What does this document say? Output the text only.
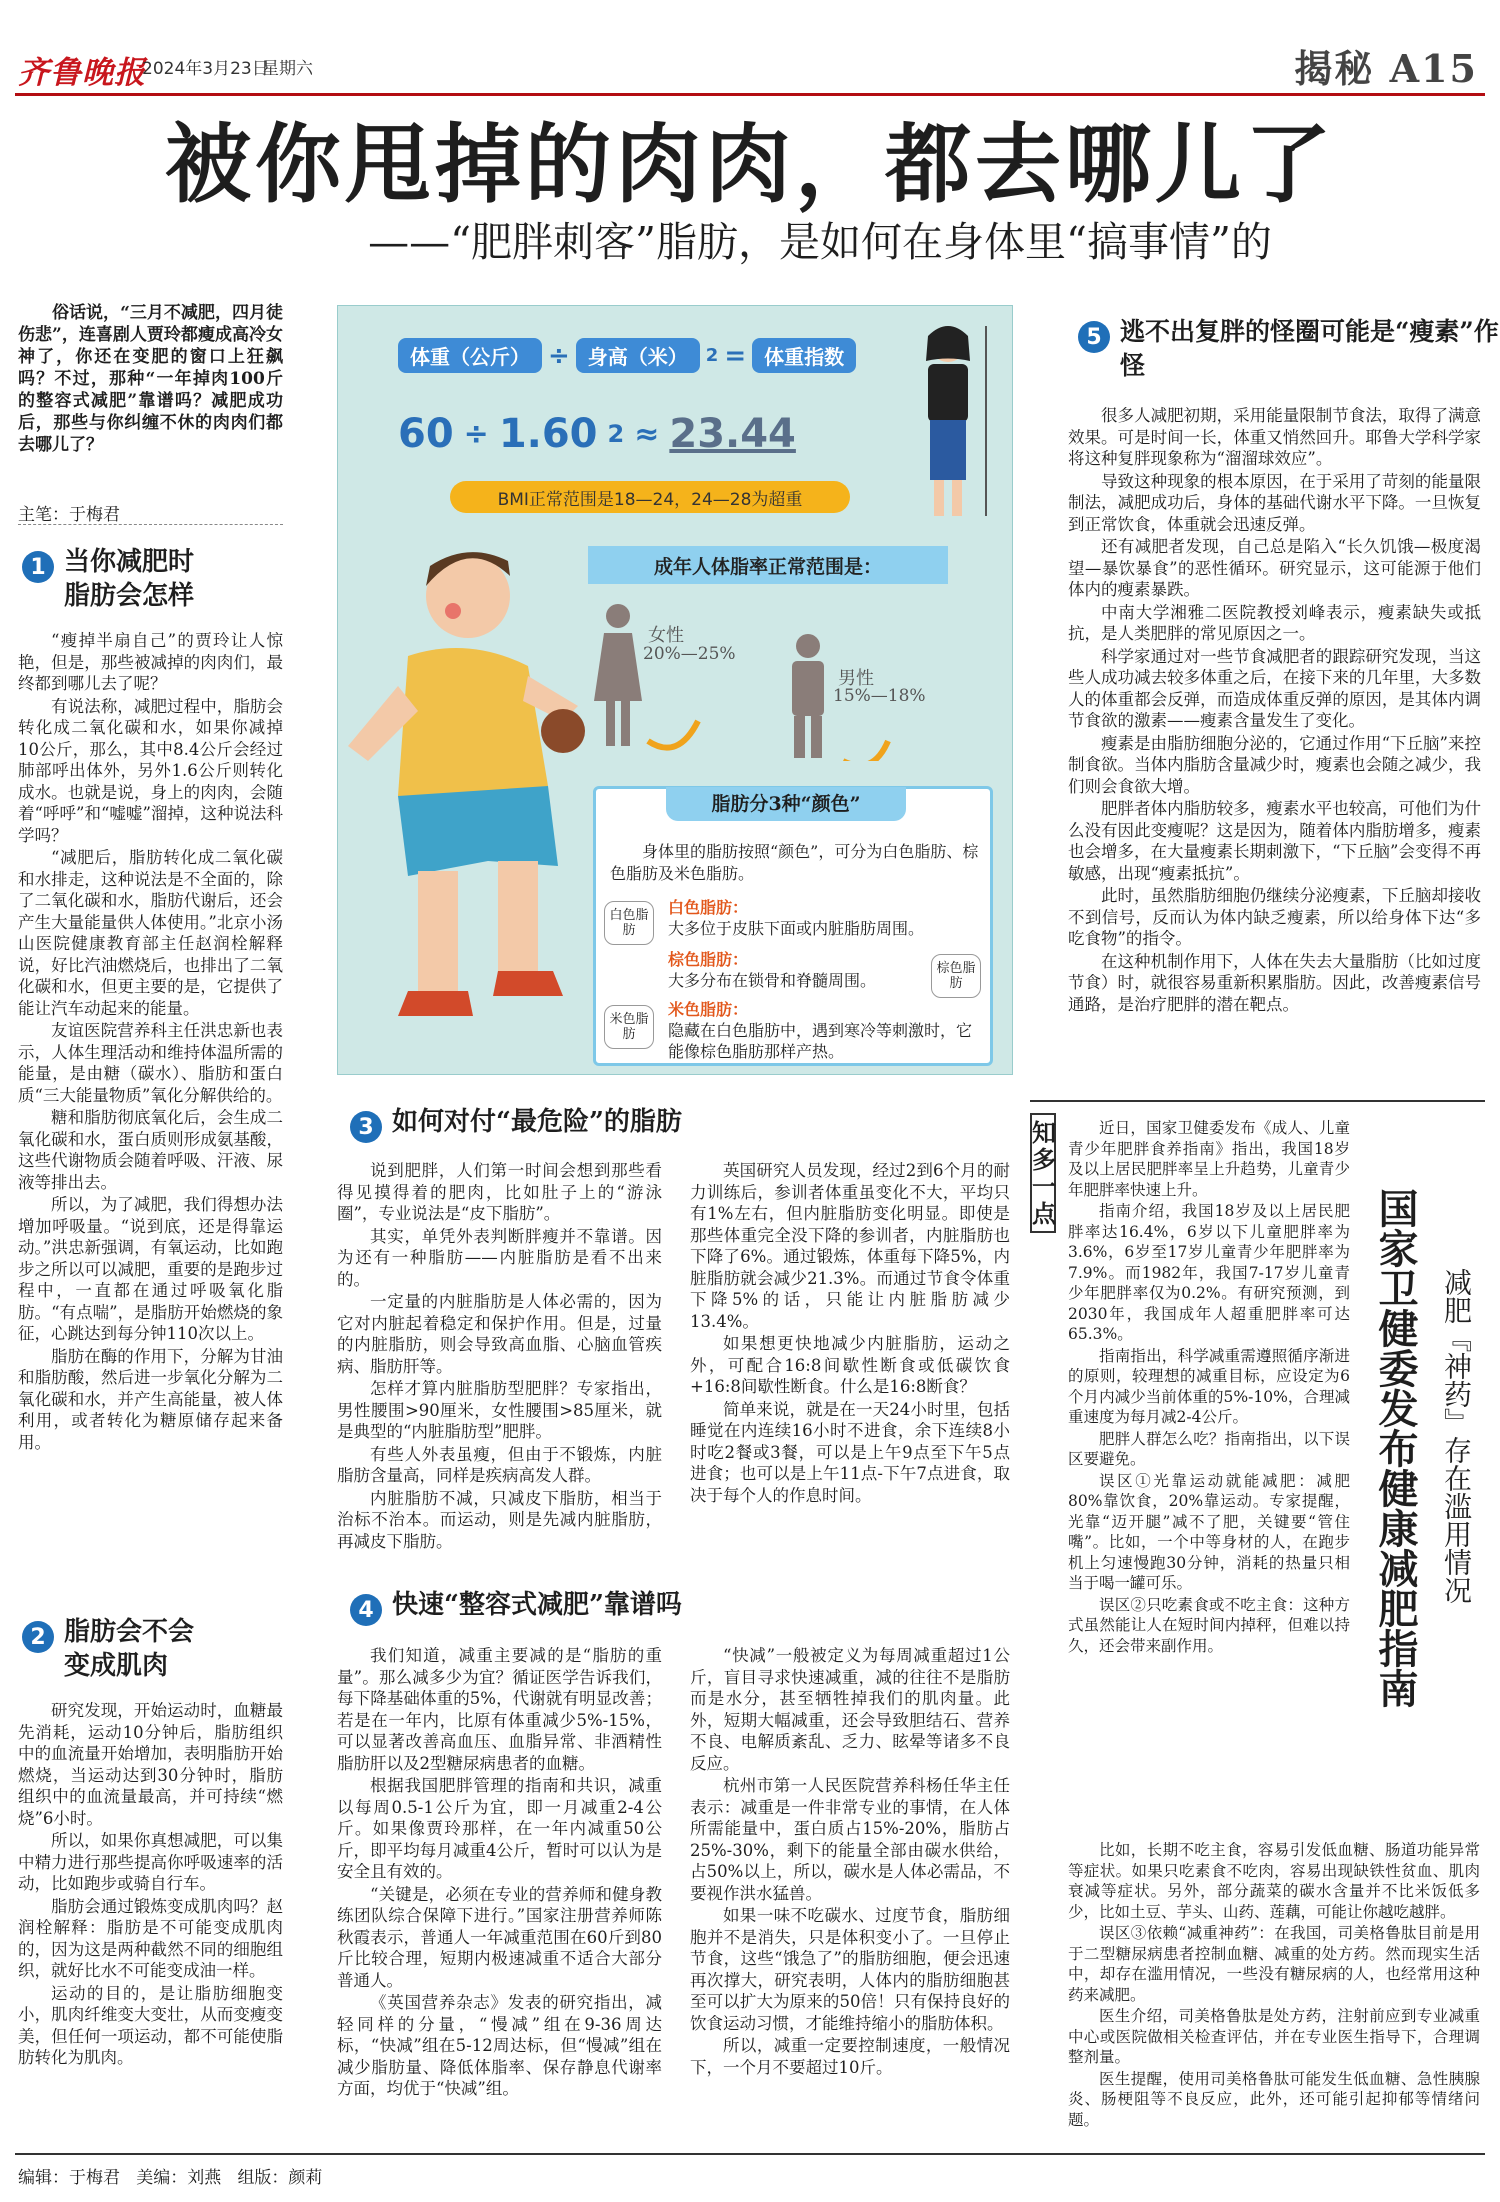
齐鲁晚报
2024年3月23日
星期六	揭秘 A15
被你甩掉的肉肉，都去哪儿了
——“肥胖刺客”脂肪，是如何在身体里“搞事情”的

俗话说，“三月不减肥，四月徒伤悲”，连喜剧人贾玲都瘦成高冷女神了，你还在变肥的窗口上狂飙吗？不过，那种“一年掉肉100斤的整容式减肥”靠谱吗？减肥成功后，那些与你纠缠不休的肉肉们都去哪儿了？

主笔：于梅君
1 当你减肥时
脂肪会怎样

“瘦掉半扇自己”的贾玲让人惊艳，但是，那些被减掉的肉肉们，最终都到哪儿去了呢？

有说法称，减肥过程中，脂肪会转化成二氧化碳和水，如果你减掉10公斤，那么，其中8.4公斤会经过肺部呼出体外，另外1.6公斤则转化成水。也就是说，身上的肉肉，会随着“呼呼”和“嘘嘘”溜掉，这种说法科学吗？

“减肥后，脂肪转化成二氧化碳和水排走，这种说法是不全面的，除了二氧化碳和水，脂肪代谢后，还会产生大量能量供人体使用。”北京小汤山医院健康教育部主任赵润栓解释说，好比汽油燃烧后，也排出了二氧化碳和水，但更主要的是，它提供了能让汽车动起来的能量。

友谊医院营养科主任洪忠新也表示，人体生理活动和维持体温所需的能量，是由糖（碳水）、脂肪和蛋白质“三大能量物质”氧化分解供给的。

糖和脂肪彻底氧化后，会生成二氧化碳和水，蛋白质则形成氨基酸，这些代谢物质会随着呼吸、汗液、尿液等排出去。

所以，为了减肥，我们得想办法增加呼吸量。“说到底，还是得靠运动。”洪忠新强调，有氧运动，比如跑步之所以可以减肥，重要的是跑步过程中，一直都在通过呼吸氧化脂肪。“有点喘”，是脂肪开始燃烧的象征，心跳达到每分钟110次以上。

脂肪在酶的作用下，分解为甘油和脂肪酸，然后进一步氧化分解为二氧化碳和水，并产生高能量，被人体利用，或者转化为糖原储存起来备用。

2 脂肪会不会
变成肌肉

研究发现，开始运动时，血糖最先消耗，运动10分钟后，脂肪组织中的血流量开始增加，表明脂肪开始燃烧，当运动达到30分钟时，脂肪组织中的血流量最高，并可持续“燃烧”6小时。

所以，如果你真想减肥，可以集中精力进行那些提高你呼吸速率的活动，比如跑步或骑自行车。

脂肪会通过锻炼变成肌肉吗？赵润栓解释：脂肪是不可能变成肌肉的，因为这是两种截然不同的细胞组织，就好比水不可能变成油一样。

运动的目的，是让脂肪细胞变小，肌肉纤维变大变壮，从而变瘦变美，但任何一项运动，都不可能使脂肪转化为肌肉。

体重（公斤） ÷ 身高（米）	2 = 体重指数
60 ÷ 1.60 2 ≈ 23.44
BMI正常范围是18—24，24—28为超重
成年人体脂率正常范围是：
女性
20%—25%
男性
15%—18%
脂肪分3种“颜色”
身体里的脂肪按照“颜色”，可分为白色脂肪、棕色脂肪及米色脂肪。
白色脂肪
白色脂肪：
大多位于皮肤下面或内脏脂肪周围。
棕色脂肪
棕色脂肪：
大多分布在锁骨和脊髓周围。
米色脂肪
米色脂肪：
隐藏在白色脂肪中，遇到寒冷等刺激时，它能像棕色脂肪那样产热。
3 如何对付“最危险”的脂肪

说到肥胖，人们第一时间会想到那些看得见摸得着的肥肉，比如肚子上的“游泳圈”，专业说法是“皮下脂肪”。

其实，单凭外表判断胖瘦并不靠谱。因为还有一种脂肪——内脏脂肪是看不出来的。

一定量的内脏脂肪是人体必需的，因为它对内脏起着稳定和保护作用。但是，过量的内脏脂肪，则会导致高血脂、心脑血管疾病、脂肪肝等。

怎样才算内脏脂肪型肥胖？专家指出，男性腰围>90厘米，女性腰围>85厘米，就是典型的“内脏脂肪型”肥胖。

有些人外表虽瘦，但由于不锻炼，内脏脂肪含量高，同样是疾病高发人群。

内脏脂肪不减，只减皮下脂肪，相当于治标不治本。而运动，则是先减内脏脂肪，再减皮下脂肪。

英国研究人员发现，经过2到6个月的耐力训练后，参训者体重虽变化不大，平均只有1%左右，但内脏脂肪变化明显。即使是那些体重完全没下降的参训者，内脏脂肪也下降了6%。通过锻炼，体重每下降5%，内脏脂肪就会减少21.3%。而通过节食令体重下降5%的话，只能让内脏脂肪减少13.4%。

如果想更快地减少内脏脂肪，运动之外，可配合16:8间歇性断食或低碳饮食+16:8间歇性断食。什么是16:8断食？

简单来说，就是在一天24小时里，包括睡觉在内连续16小时不进食，余下连续8小时吃2餐或3餐，可以是上午9点至下午5点进食；也可以是上午11点-下午7点进食，取决于每个人的作息时间。

4 快速“整容式减肥”靠谱吗

我们知道，减重主要减的是“脂肪的重量”。那么减多少为宜？循证医学告诉我们，每下降基础体重的5%，代谢就有明显改善；若是在一年内，比原有体重减少5%-15%，可以显著改善高血压、血脂异常、非酒精性脂肪肝以及2型糖尿病患者的血糖。

根据我国肥胖管理的指南和共识，减重以每周0.5-1公斤为宜，即一月减重2-4公斤。如果像贾玲那样，在一年内减重50公斤，即平均每月减重4公斤，暂时可以认为是安全且有效的。

“关键是，必须在专业的营养师和健身教练团队综合保障下进行。”国家注册营养师陈秋霞表示，普通人一年减重范围在60斤到80斤比较合理，短期内极速减重不适合大部分普通人。

《英国营养杂志》发表的研究指出，减轻同样的分量，“慢减”组在9-36周达标，“快减”组在5-12周达标，但“慢减”组在减少脂肪量、降低体脂率、保存静息代谢率方面，均优于“快减”组。

“快减”一般被定义为每周减重超过1公斤，盲目寻求快速减重，减的往往不是脂肪而是水分，甚至牺牲掉我们的肌肉量。此外，短期大幅减重，还会导致胆结石、营养不良、电解质紊乱、乏力、眩晕等诸多不良反应。

杭州市第一人民医院营养科杨任华主任表示：减重是一件非常专业的事情，在人体所需能量中，蛋白质占15%-20%，脂肪占25%-30%，剩下的能量全部由碳水供给，占50%以上，所以，碳水是人体必需品，不要视作洪水猛兽。

如果一味不吃碳水、过度节食，脂肪细胞并不是消失，只是体积变小了。一旦停止节食，这些“饿急了”的脂肪细胞，便会迅速再次撑大，研究表明，人体内的脂肪细胞甚至可以扩大为原来的50倍！只有保持良好的饮食运动习惯，才能维持缩小的脂肪体积。

所以，减重一定要控制速度，一般情况下，一个月不要超过10斤。

5 逃不出复胖的怪圈可能是“瘦素”作怪

很多人减肥初期，采用能量限制节食法，取得了满意效果。可是时间一长，体重又悄然回升。耶鲁大学科学家将这种复胖现象称为“溜溜球效应”。

导致这种现象的根本原因，在于采用了苛刻的能量限制法，减肥成功后，身体的基础代谢水平下降。一旦恢复到正常饮食，体重就会迅速反弹。

还有减肥者发现，自己总是陷入“长久饥饿—极度渴望—暴饮暴食”的恶性循环。研究显示，这可能源于他们体内的瘦素暴跌。

中南大学湘雅二医院教授刘峰表示，瘦素缺失或抵抗，是人类肥胖的常见原因之一。

科学家通过对一些节食减肥者的跟踪研究发现，当这些人成功减去较多体重之后，在接下来的几年里，大多数人的体重都会反弹，而造成体重反弹的原因，是其体内调节食欲的激素——瘦素含量发生了变化。

瘦素是由脂肪细胞分泌的，它通过作用“下丘脑”来控制食欲。当体内脂肪含量减少时，瘦素也会随之减少，我们则会食欲大增。

肥胖者体内脂肪较多，瘦素水平也较高，可他们为什么没有因此变瘦呢？这是因为，随着体内脂肪增多，瘦素也会增多，在大量瘦素长期刺激下，“下丘脑”会变得不再敏感，出现“瘦素抵抗”。

此时，虽然脂肪细胞仍继续分泌瘦素，下丘脑却接收不到信号，反而认为体内缺乏瘦素，所以给身体下达“多吃食物”的指令。

在这种机制作用下，人体在失去大量脂肪（比如过度节食）时，就很容易重新积累脂肪。因此，改善瘦素信号通路，是治疗肥胖的潜在靶点。

知多一点

近日，国家卫健委发布《成人、儿童青少年肥胖食养指南》指出，我国18岁及以上居民肥胖率呈上升趋势，儿童青少年肥胖率快速上升。

指南介绍，我国18岁及以上居民肥胖率达16.4%，6岁以下儿童肥胖率为3.6%，6岁至17岁儿童青少年肥胖率为7.9%。而1982年，我国7-17岁儿童青少年肥胖率仅为0.2%。有研究预测，到2030年，我国成年人超重肥胖率可达65.3%。

指南指出，科学减重需遵照循序渐进的原则，较理想的减重目标，应设定为6个月内减少当前体重的5%-10%，合理减重速度为每月减2-4公斤。

肥胖人群怎么吃？指南指出，以下误区要避免。

误区①光靠运动就能减肥：减肥80%靠饮食，20%靠运动。专家提醒，光靠“迈开腿”减不了肥，关键要“管住嘴”。比如，一个中等身材的人，在跑步机上匀速慢跑30分钟，消耗的热量只相当于喝一罐可乐。

误区②只吃素食或不吃主食：这种方式虽然能让人在短时间内掉秤，但难以持久，还会带来副作用。

比如，长期不吃主食，容易引发低血糖、肠道功能异常等症状。如果只吃素食不吃肉，容易出现缺铁性贫血、肌肉衰减等症状。另外，部分蔬菜的碳水含量并不比米饭低多少，比如土豆、芋头、山药、莲藕，可能让你越吃越胖。

误区③依赖“减重神药”：在我国，司美格鲁肽目前是用于二型糖尿病患者控制血糖、减重的处方药。然而现实生活中，却存在滥用情况，一些没有糖尿病的人，也经常用这种药来减肥。

医生介绍，司美格鲁肽是处方药，注射前应到专业减重中心或医院做相关检查评估，并在专业医生指导下，合理调整剂量。

医生提醒，使用司美格鲁肽可能发生低血糖、急性胰腺炎、肠梗阻等不良反应，此外，还可能引起抑郁等情绪问题。

国家卫健委发布健康减肥指南 减肥『神药』存在滥用情况
编辑：于梅君 美编：刘燕 组版：颜莉
